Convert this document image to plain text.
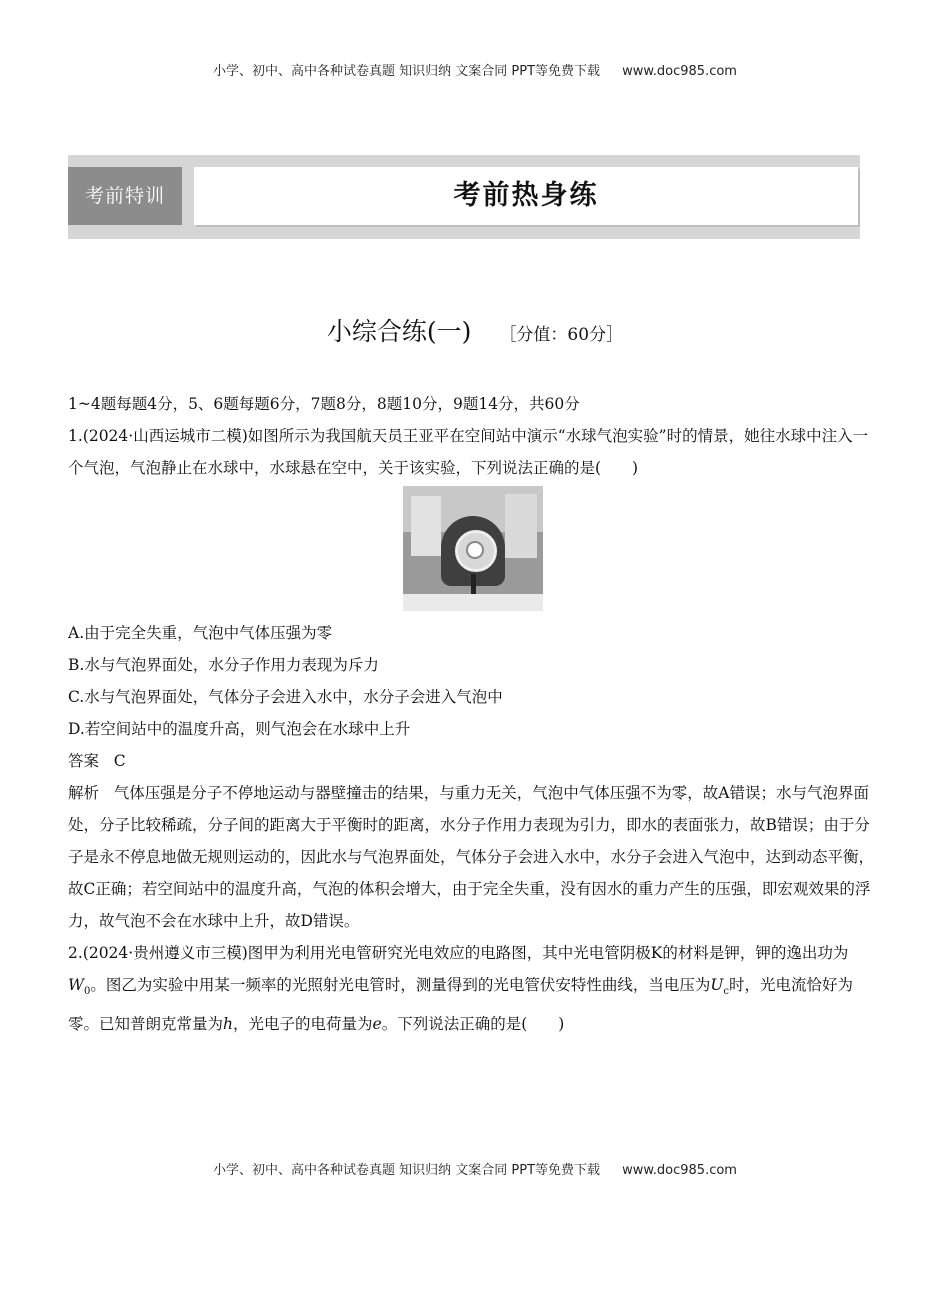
小学、初中、高中各种试卷真题 知识归纳 文案合同 PPT等免费下载 www.doc985.com
考前特训	考前热身练
小综合练(一) ［分值：60分］

1~4题每题4分，5、6题每题6分，7题8分，8题10分，9题14分，共60分

1.(2024·山西运城市二模)如图所示为我国航天员王亚平在空间站中演示“水球气泡实验”时的情景，她往水球中注入一个气泡，气泡静止在水球中，水球悬在空中，关于该实验，下列说法正确的是(　　)

A.由于完全失重，气泡中气体压强为零

B.水与气泡界面处，水分子作用力表现为斥力

C.水与气泡界面处，气体分子会进入水中，水分子会进入气泡中

D.若空间站中的温度升高，则气泡会在水球中上升

答案 C

解析 气体压强是分子不停地运动与器壁撞击的结果，与重力无关，气泡中气体压强不为零，故A错误；水与气泡界面处，分子比较稀疏，分子间的距离大于平衡时的距离，水分子作用力表现为引力，即水的表面张力，故B错误；由于分子是永不停息地做无规则运动的，因此水与气泡界面处，气体分子会进入水中，水分子会进入气泡中，达到动态平衡，故C正确；若空间站中的温度升高，气泡的体积会增大，由于完全失重，没有因水的重力产生的压强，即宏观效果的浮力，故气泡不会在水球中上升，故D错误。

2.(2024·贵州遵义市三模)图甲为利用光电管研究光电效应的电路图，其中光电管阴极K的材料是钾，钾的逸出功为$W_0$。图乙为实验中用某一频率的光照射光电管时，测量得到的光电管伏安特性曲线，当电压为$U_c$时，光电流恰好为零。已知普朗克常量为h，光电子的电荷量为e。下列说法正确的是(　　)

小学、初中、高中各种试卷真题 知识归纳 文案合同 PPT等免费下载 www.doc985.com
